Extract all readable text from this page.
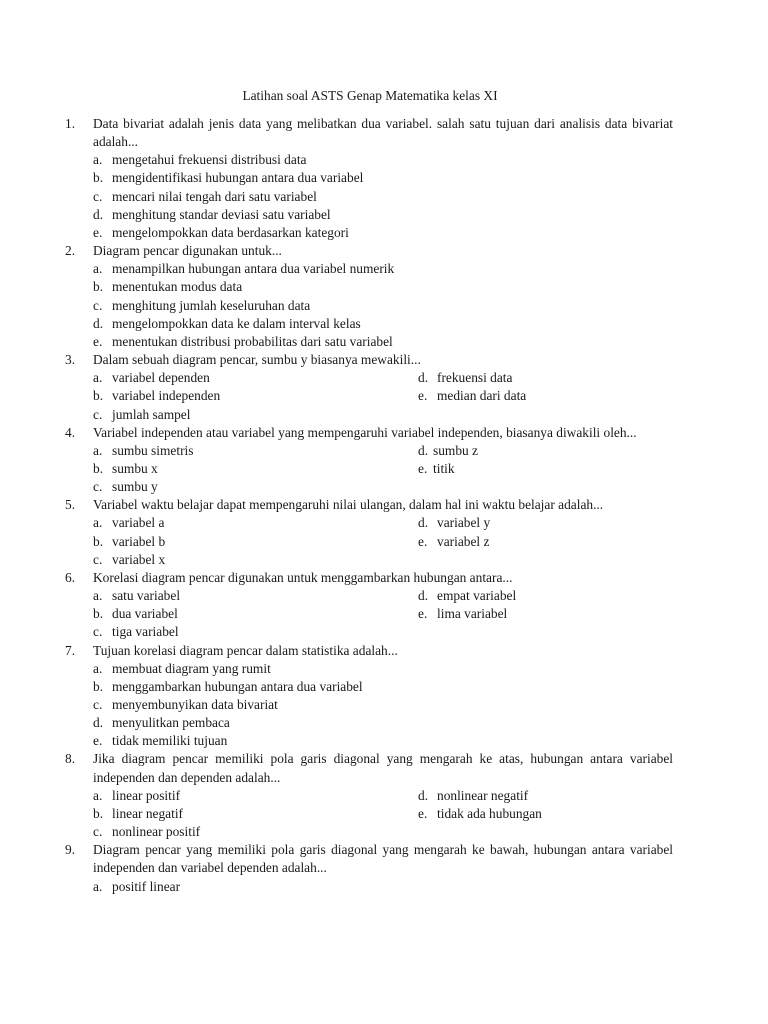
Latihan soal ASTS Genap Matematika kelas XI
1. Data bivariat adalah jenis data yang melibatkan dua variabel. salah satu tujuan dari analisis data bivariat adalah...
a. mengetahui frekuensi distribusi data
b. mengidentifikasi hubungan antara dua variabel
c. mencari nilai tengah dari satu variabel
d. menghitung standar deviasi satu variabel
e. mengelompokkan data berdasarkan kategori
2. Diagram pencar digunakan untuk...
a. menampilkan hubungan antara dua variabel numerik
b. menentukan modus data
c. menghitung jumlah keseluruhan data
d. mengelompokkan data ke dalam interval kelas
e. menentukan distribusi probabilitas dari satu variabel
3. Dalam sebuah diagram pencar, sumbu y biasanya mewakili...
a. variabel dependen	d. frekuensi data
b. variabel independen	e. median dari data
c. jumlah sampel
4. Variabel independen atau variabel yang mempengaruhi variabel independen, biasanya diwakili oleh...
a. sumbu simetris	d. sumbu z
b. sumbu x	e. titik
c. sumbu y
5. Variabel waktu belajar dapat mempengaruhi nilai ulangan, dalam hal ini waktu belajar adalah...
a. variabel a	d. variabel y
b. variabel b	e. variabel z
c. variabel x
6. Korelasi diagram pencar digunakan untuk menggambarkan hubungan antara...
a. satu variabel	d. empat variabel
b. dua variabel	e. lima variabel
c. tiga variabel
7. Tujuan korelasi diagram pencar dalam statistika adalah...
a. membuat diagram yang rumit
b. menggambarkan hubungan antara dua variabel
c. menyembunyikan data bivariat
d. menyulitkan pembaca
e. tidak memiliki tujuan
8. Jika diagram pencar memiliki pola garis diagonal yang mengarah ke atas, hubungan antara variabel independen dan dependen adalah...
a. linear positif	d. nonlinear negatif
b. linear negatif	e. tidak ada hubungan
c. nonlinear positif
9. Diagram pencar yang memiliki pola garis diagonal yang mengarah ke bawah, hubungan antara variabel independen dan variabel dependen adalah...
a. positif linear
